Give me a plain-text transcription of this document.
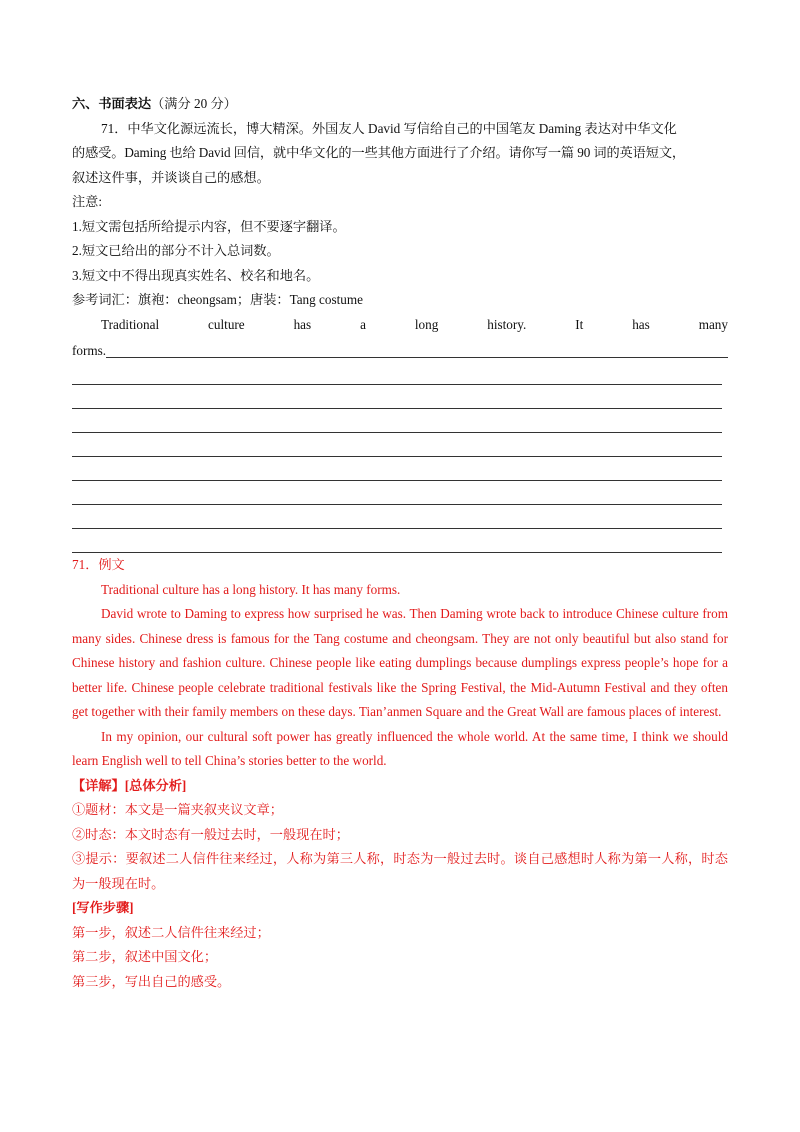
六、书面表达（满分 20 分）
71．中华文化源远流长，博大精深。外国友人 David 写信给自己的中国笔友 Daming 表达对中华文化
的感受。Daming 也给 David 回信，就中华文化的一些其他方面进行了介绍。请你写一篇 90 词的英语短文，
叙述这件事，并谈谈自己的感想。
注意:
1.短文需包括所给提示内容，但不要逐字翻译。
2.短文已给出的部分不计入总词数。
3.短文中不得出现真实姓名、校名和地名。
参考词汇：旗袍：cheongsam；唐装：Tang costume
Traditional culture has a long history. It has many
forms.
71．例文
Traditional culture has a long history. It has many forms.
David wrote to Daming to express how surprised he was. Then Daming wrote back to introduce Chinese culture from many sides. Chinese dress is famous for the Tang costume and cheongsam. They are not only beautiful but also stand for Chinese history and fashion culture. Chinese people like eating dumplings because dumplings express people’s hope for a better life. Chinese people celebrate traditional festivals like the Spring Festival, the Mid-Autumn Festival and they often get together with their family members on these days. Tian’anmen Square and the Great Wall are famous places of interest.
In my opinion, our cultural soft power has greatly influenced the whole world. At the same time, I think we should learn English well to tell China’s stories better to the world.
【详解】[总体分析]
①题材：本文是一篇夹叙夹议文章；
②时态：本文时态有一般过去时，一般现在时；
③提示：要叙述二人信件往来经过，人称为第三人称，时态为一般过去时。谈自己感想时人称为第一人称，时态为一般现在时。
[写作步骤]
第一步，叙述二人信件往来经过；
第二步，叙述中国文化；
第三步，写出自己的感受。
